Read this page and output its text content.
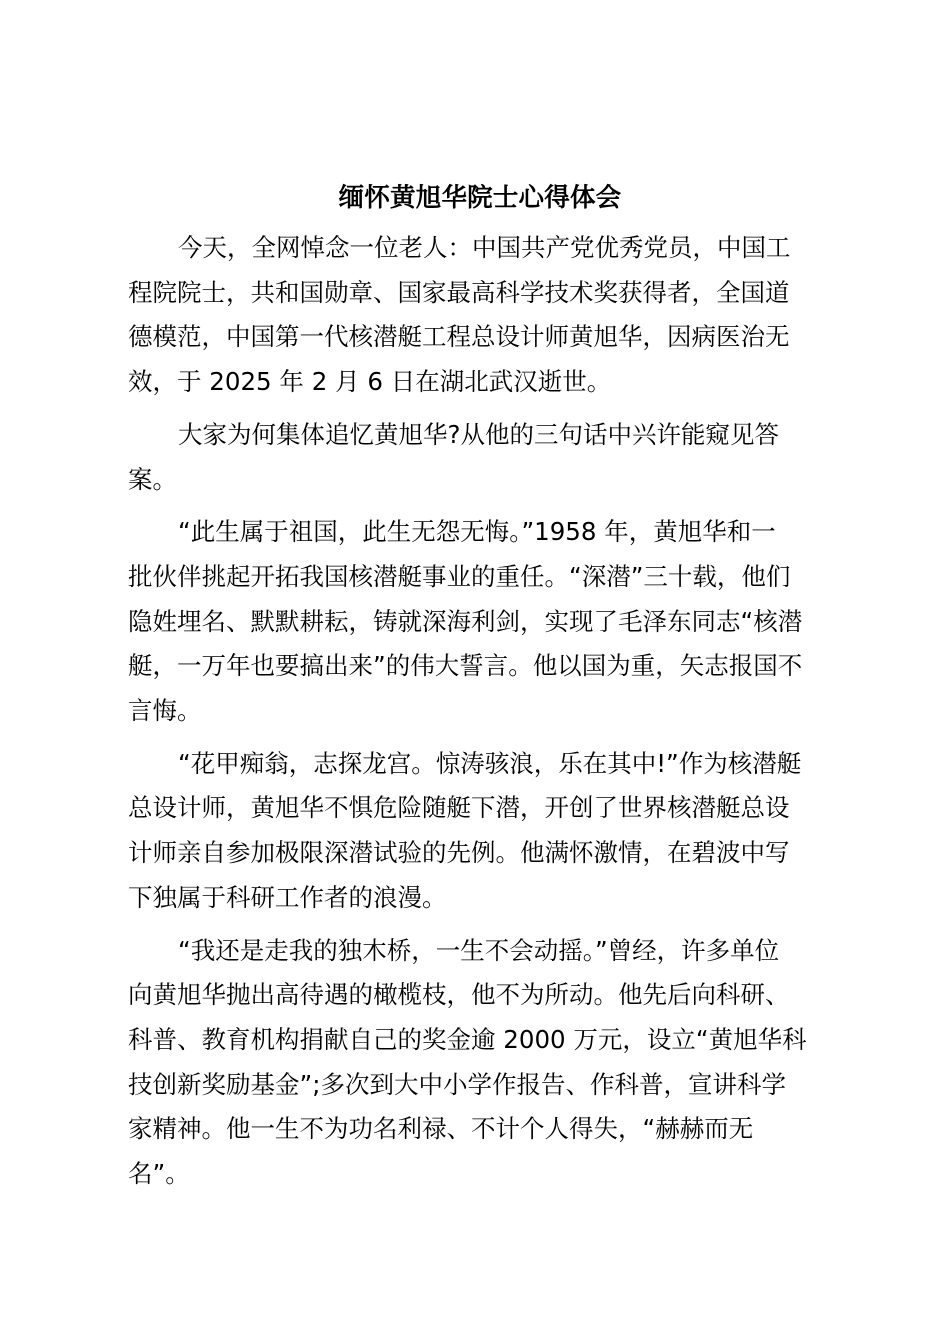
缅怀黄旭华院士心得体会

今天，全网悼念一位老人：中国共产党优秀党员，中国工
程院院士，共和国勋章、国家最高科学技术奖获得者，全国道
德模范，中国第一代核潜艇工程总设计师黄旭华，因病医治无
效，于 2025 年 2 月 6 日在湖北武汉逝世。

大家为何集体追忆黄旭华?从他的三句话中兴许能窥见答
案。

“此生属于祖国，此生无怨无悔。”1958 年，黄旭华和一
批伙伴挑起开拓我国核潜艇事业的重任。“深潜”三十载，他们
隐姓埋名、默默耕耘，铸就深海利剑，实现了毛泽东同志“核潜
艇，一万年也要搞出来”的伟大誓言。他以国为重，矢志报国不
言悔。

“花甲痴翁，志探龙宫。惊涛骇浪，乐在其中!”作为核潜艇
总设计师，黄旭华不惧危险随艇下潜，开创了世界核潜艇总设
计师亲自参加极限深潜试验的先例。他满怀激情，在碧波中写
下独属于科研工作者的浪漫。

“我还是走我的独木桥，一生不会动摇。”曾经，许多单位
向黄旭华抛出高待遇的橄榄枝，他不为所动。他先后向科研、
科普、教育机构捐献自己的奖金逾 2000 万元，设立“黄旭华科
技创新奖励基金”;多次到大中小学作报告、作科普，宣讲科学
家精神。他一生不为功名利禄、不计个人得失，“赫赫而无
名”。
